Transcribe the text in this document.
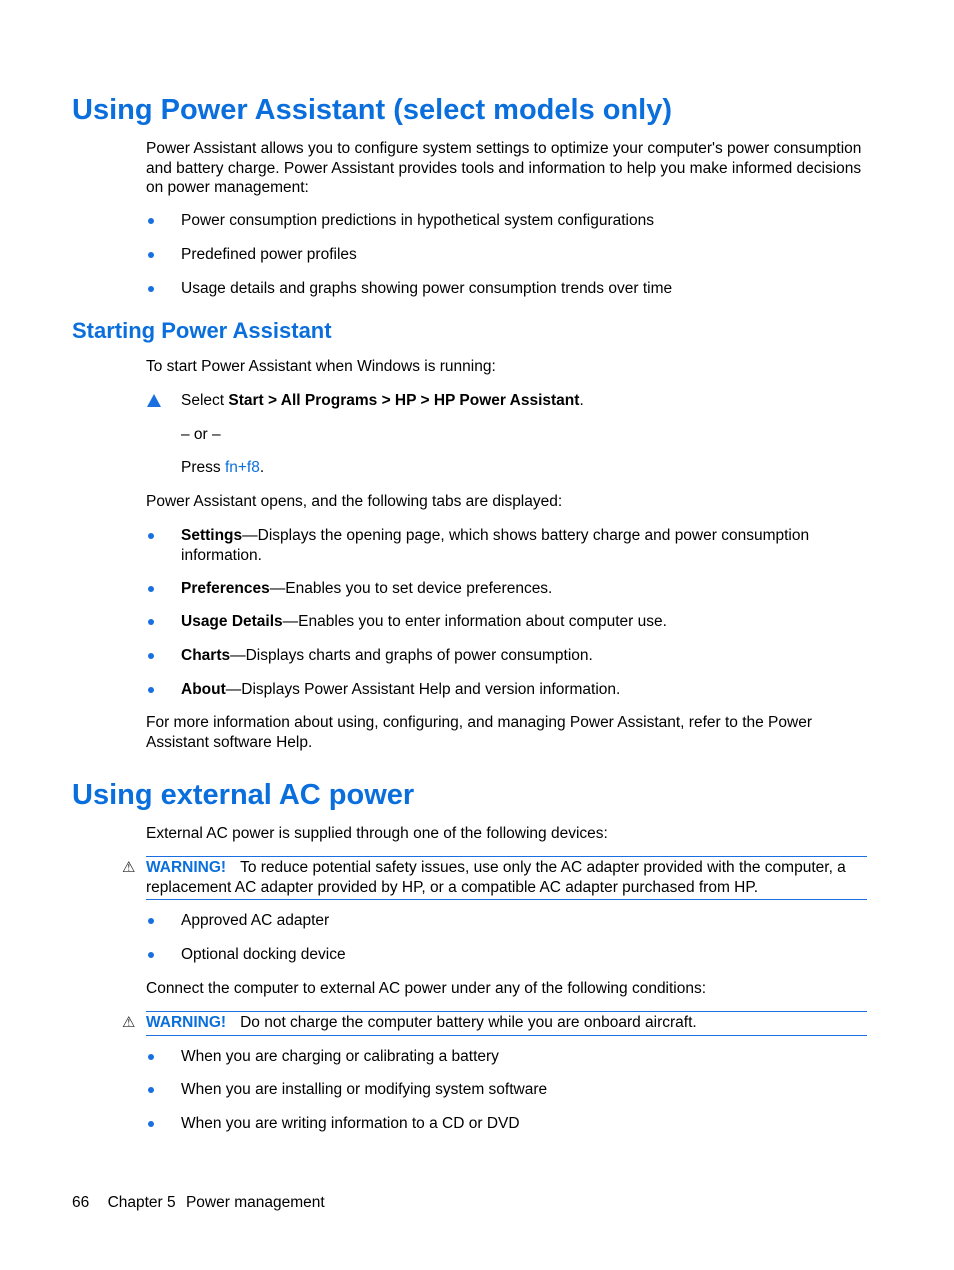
Using Power Assistant (select models only)
Power Assistant allows you to configure system settings to optimize your computer's power consumption and battery charge. Power Assistant provides tools and information to help you make informed decisions on power management:
Power consumption predictions in hypothetical system configurations
Predefined power profiles
Usage details and graphs showing power consumption trends over time
Starting Power Assistant
To start Power Assistant when Windows is running:
Select Start > All Programs > HP > HP Power Assistant.
– or –
Press fn+f8.
Power Assistant opens, and the following tabs are displayed:
Settings—Displays the opening page, which shows battery charge and power consumption information.
Preferences—Enables you to set device preferences.
Usage Details—Enables you to enter information about computer use.
Charts—Displays charts and graphs of power consumption.
About—Displays Power Assistant Help and version information.
For more information about using, configuring, and managing Power Assistant, refer to the Power Assistant software Help.
Using external AC power
External AC power is supplied through one of the following devices:
⚠ WARNING! To reduce potential safety issues, use only the AC adapter provided with the computer, a replacement AC adapter provided by HP, or a compatible AC adapter purchased from HP.
Approved AC adapter
Optional docking device
Connect the computer to external AC power under any of the following conditions:
⚠ WARNING! Do not charge the computer battery while you are onboard aircraft.
When you are charging or calibrating a battery
When you are installing or modifying system software
When you are writing information to a CD or DVD
66 Chapter 5 Power management
